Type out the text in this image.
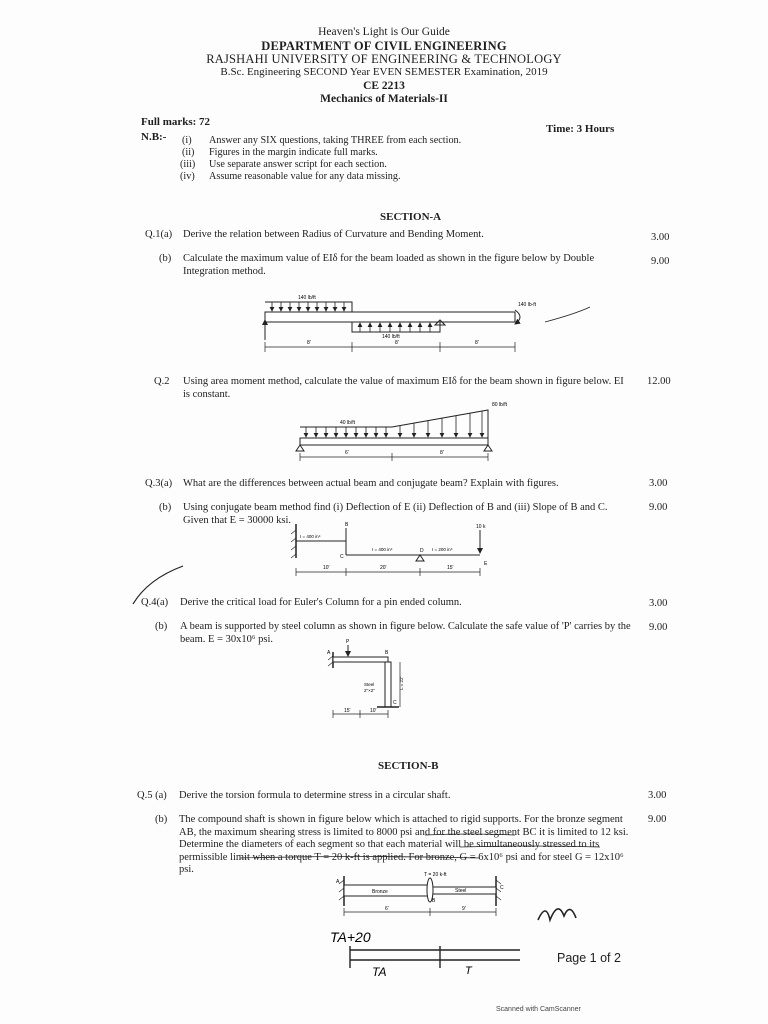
Heaven's Light is Our Guide
DEPARTMENT OF CIVIL ENGINEERING
RAJSHAHI UNIVERSITY OF ENGINEERING & TECHNOLOGY
B.Sc. Engineering SECOND Year EVEN SEMESTER Examination, 2019
CE 2213
Mechanics of Materials-II
Full marks: 72
Time: 3 Hours
N.B:- (i) Answer any SIX questions, taking THREE from each section.
(ii) Figures in the margin indicate full marks.
(iii) Use separate answer script for each section.
(iv) Assume reasonable value for any data missing.
SECTION-A
Q.1(a) Derive the relation between Radius of Curvature and Bending Moment.	3.00
(b) Calculate the maximum value of EIδ for the beam loaded as shown in the figure below by Double Integration method.
9.00
Q.2 Using area moment method, calculate the value of maximum EIδ for the beam shown in figure below. EI is constant.
12.00
Q.3(a) What are the differences between actual beam and conjugate beam? Explain with figures.	3.00
(b) Using conjugate beam method find (i) Deflection of E (ii) Deflection of B and (iii) Slope of B and C. Given that E = 30000 ksi.
9.00
Q.4(a) Derive the critical load for Euler's Column for a pin ended column.	3.00
(b) A beam is supported by steel column as shown in figure below. Calculate the safe value of 'P' carries by the beam. E = 30x10⁶ psi.
9.00
SECTION-B
Q.5 (a) Derive the torsion formula to determine stress in a circular shaft.	3.00
(b) The compound shaft is shown in figure below which is attached to rigid supports. For the bronze segment AB, the maximum shearing stress is limited to 8000 psi and for the steel segment BC it is limited to 12 ksi. Determine the diameters of each segment so that each material will be simultaneously stressed to its permissible limit when a torque T = 20 k-ft is applied. For bronze, G = 6x10⁶ psi and for steel G = 12x10⁶ psi.
9.00
140 lb/ft
140 lb/ft
140 lb-ft
8'	8'	8'
40 lb/ft
80 lb/ft
6'	8'
B
C
D
E
I = 400 in⁴
I = 400 in⁴	I = 200 in⁴
10 k
10'	20'	15'
P
A	B
C
Steel
2"×2"
L = 22'
15'	10'
T = 20 k-ft
A
B
C
Bronze	Steel
6'	9'
TA+20
TA	T
Page 1 of 2
Scanned with CamScanner
